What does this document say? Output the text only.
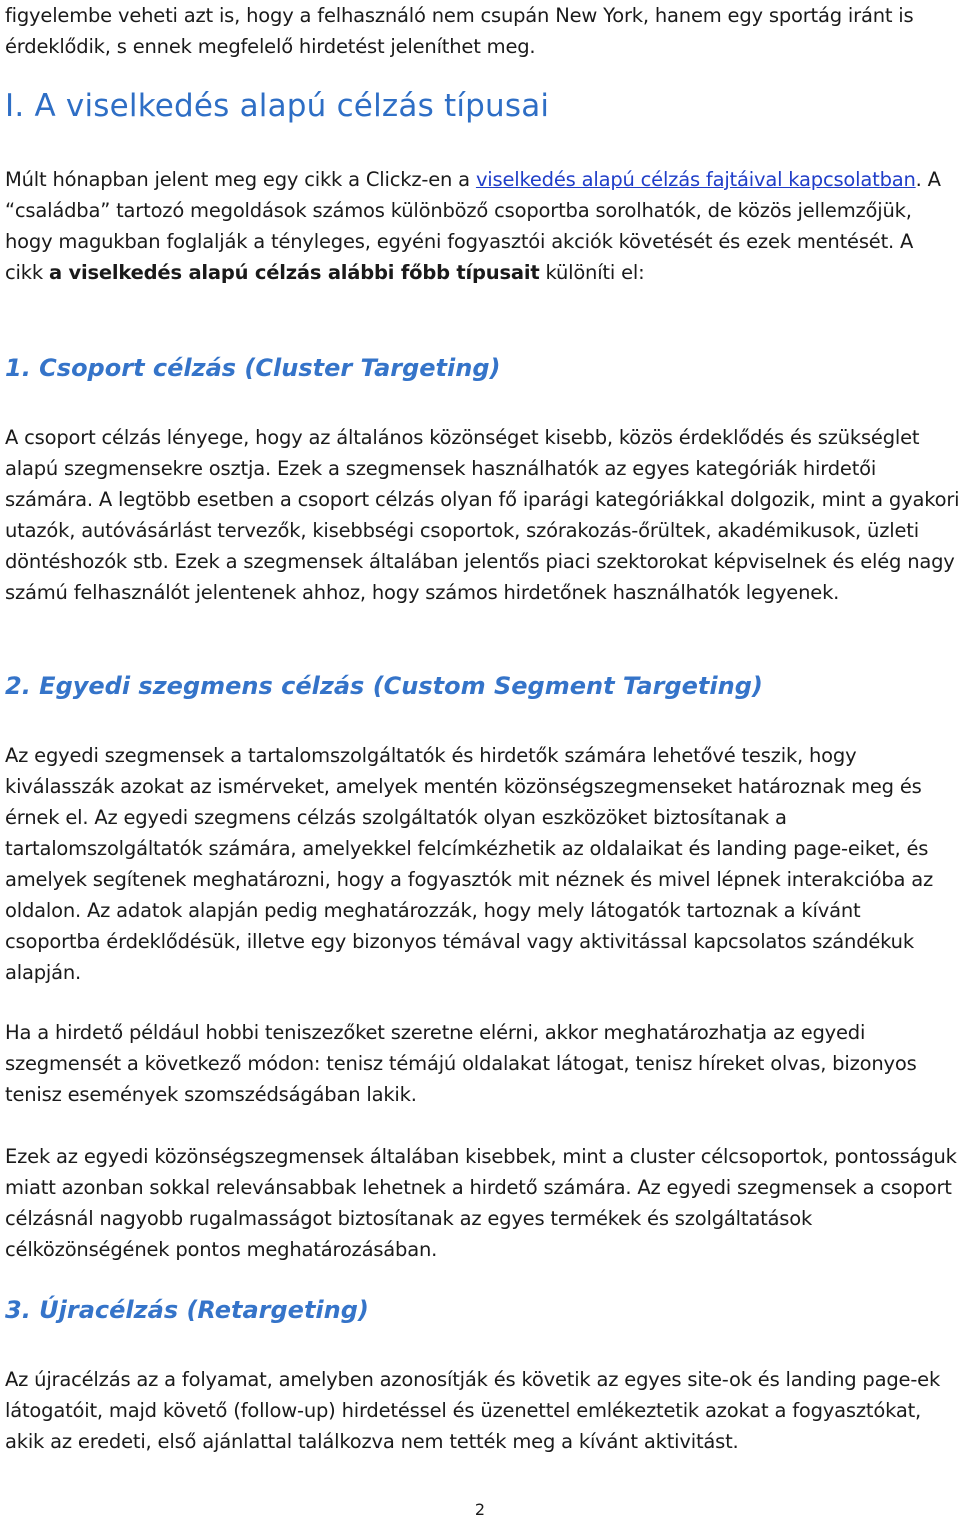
figyelembe veheti azt is, hogy a felhasználó nem csupán New York, hanem egy sportág iránt is érdeklődik, s ennek megfelelő hirdetést jeleníthet meg.

I. A viselkedés alapú célzás típusai

Múlt hónapban jelent meg egy cikk a Clickz-en a viselkedés alapú célzás fajtáival kapcsolatban. A “családba” tartozó megoldások számos különböző csoportba sorolhatók, de közös jellemzőjük, hogy magukban foglalják a tényleges, egyéni fogyasztói akciók követését és ezek mentését. A cikk a viselkedés alapú célzás alábbi főbb típusait különíti el:

1. Csoport célzás (Cluster Targeting)

A csoport célzás lényege, hogy az általános közönséget kisebb, közös érdeklődés és szükséglet alapú szegmensekre osztja. Ezek a szegmensek használhatók az egyes kategóriák hirdetői számára. A legtöbb esetben a csoport célzás olyan fő iparági kategóriákkal dolgozik, mint a gyakori utazók, autóvásárlást tervezők, kisebbségi csoportok, szórakozás-őrültek, akadémikusok, üzleti döntéshozók stb. Ezek a szegmensek általában jelentős piaci szektorokat képviselnek és elég nagy számú felhasználót jelentenek ahhoz, hogy számos hirdetőnek használhatók legyenek.

2. Egyedi szegmens célzás (Custom Segment Targeting)

Az egyedi szegmensek a tartalomszolgáltatók és hirdetők számára lehetővé teszik, hogy kiválasszák azokat az ismérveket, amelyek mentén közönségszegmenseket határoznak meg és érnek el. Az egyedi szegmens célzás szolgáltatók olyan eszközöket biztosítanak a tartalomszolgáltatók számára, amelyekkel felcímkézhetik az oldalaikat és landing page-eiket, és amelyek segítenek meghatározni, hogy a fogyasztók mit néznek és mivel lépnek interakcióba az oldalon. Az adatok alapján pedig meghatározzák, hogy mely látogatók tartoznak a kívánt csoportba érdeklődésük, illetve egy bizonyos témával vagy aktivitással kapcsolatos szándékuk alapján.

Ha a hirdető például hobbi teniszezőket szeretne elérni, akkor meghatározhatja az egyedi szegmensét a következő módon: tenisz témájú oldalakat látogat, tenisz híreket olvas, bizonyos tenisz események szomszédságában lakik.

Ezek az egyedi közönségszegmensek általában kisebbek, mint a cluster célcsoportok, pontosságuk miatt azonban sokkal relevánsabbak lehetnek a hirdető számára. Az egyedi szegmensek a csoport célzásnál nagyobb rugalmasságot biztosítanak az egyes termékek és szolgáltatások célközönségének pontos meghatározásában.

3. Újracélzás (Retargeting)

Az újracélzás az a folyamat, amelyben azonosítják és követik az egyes site-ok és landing page-ek látogatóit, majd követő (follow-up) hirdetéssel és üzenettel emlékeztetik azokat a fogyasztókat, akik az eredeti, első ajánlattal találkozva nem tették meg a kívánt aktivitást.

2
